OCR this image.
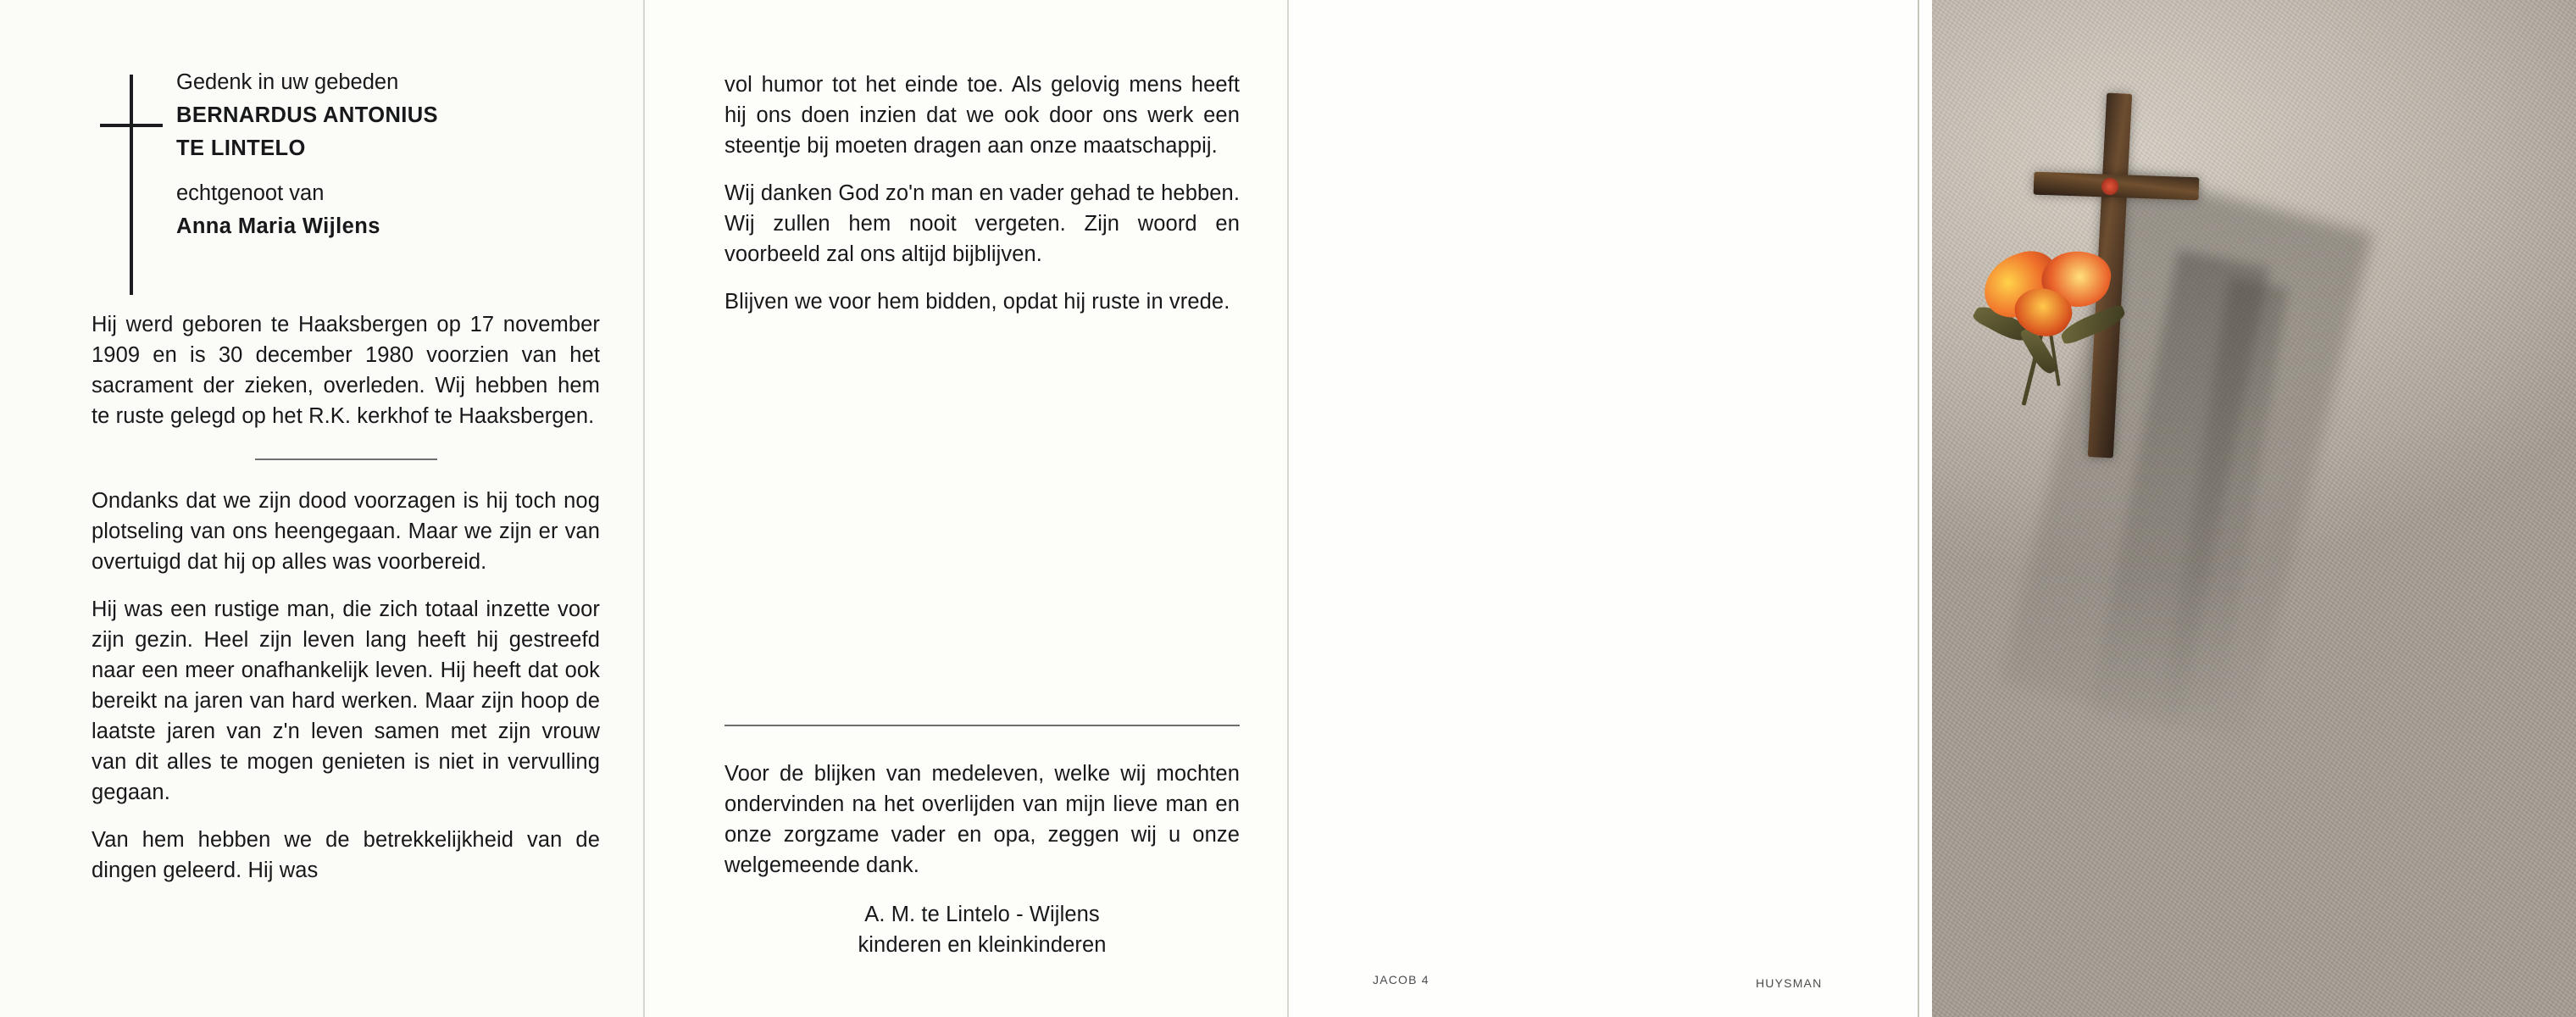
Gedenk in uw gebeden
BERNARDUS ANTONIUS
TE LINTELO
echtgenoot van
Anna Maria Wijlens

Hij werd geboren te Haaksbergen op 17 november 1909 en is 30 december 1980 voorzien van het sacrament der zieken, overleden. Wij hebben hem te ruste gelegd op het R.K. kerkhof te Haaksbergen.

Ondanks dat we zijn dood voorzagen is hij toch nog plotseling van ons heengegaan. Maar we zijn er van overtuigd dat hij op alles was voorbereid.

Hij was een rustige man, die zich totaal inzette voor zijn gezin. Heel zijn leven lang heeft hij gestreefd naar een meer onafhankelijk leven. Hij heeft dat ook bereikt na jaren van hard werken. Maar zijn hoop de laatste jaren van z'n leven samen met zijn vrouw van dit alles te mogen genieten is niet in vervulling gegaan.

Van hem hebben we de betrekkelijkheid van de dingen geleerd. Hij was

vol humor tot het einde toe. Als gelovig mens heeft hij ons doen inzien dat we ook door ons werk een steentje bij moeten dragen aan onze maatschappij.

Wij danken God zo'n man en vader gehad te hebben. Wij zullen hem nooit vergeten. Zijn woord en voorbeeld zal ons altijd bijblijven.

Blijven we voor hem bidden, opdat hij ruste in vrede.

Voor de blijken van medeleven, welke wij mochten ondervinden na het overlijden van mijn lieve man en onze zorgzame vader en opa, zeggen wij u onze welgemeende dank.

A. M. te Lintelo - Wijlens
kinderen en kleinkinderen
JACOB 4	HUYSMAN
